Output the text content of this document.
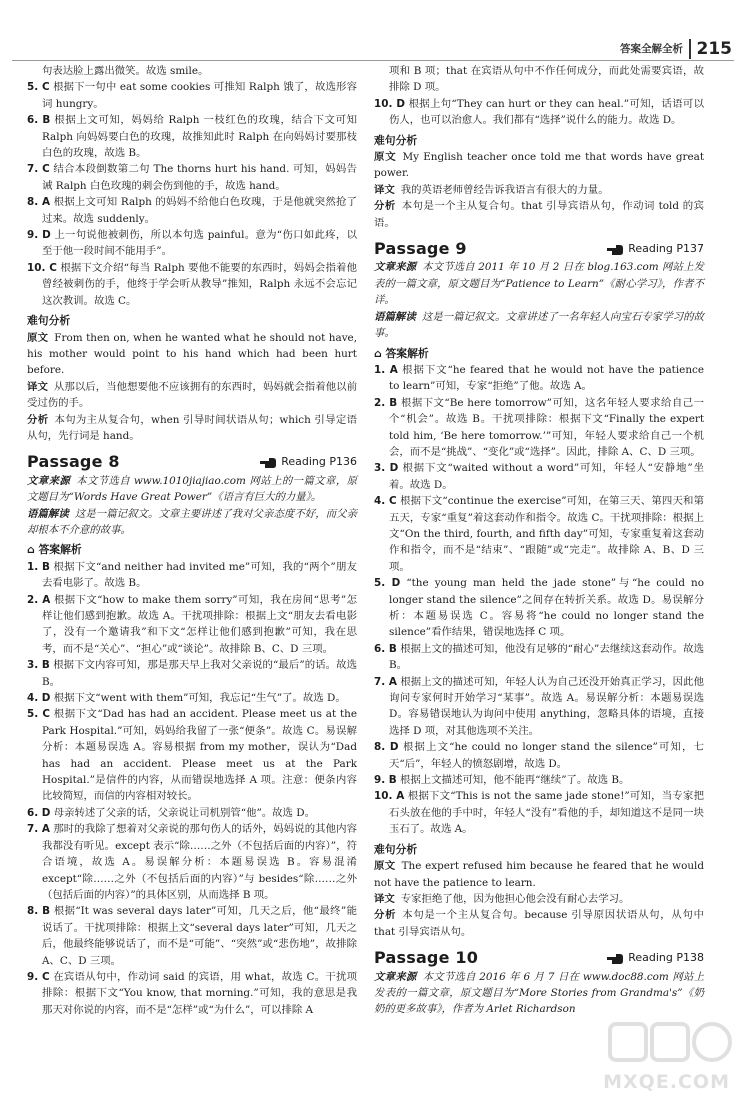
答案全解全析 215

句表达脸上露出微笑。故选 smile。

5. C 根据下一句中 eat some cookies 可推知 Ralph 饿了，故选形容词 hungry。

6. B 根据上文可知，妈妈给 Ralph 一枝红色的玫瑰，结合下文可知 Ralph 向妈妈要白色的玫瑰，故推知此时 Ralph 在向妈妈讨要那枝白色的玫瑰，故选 B。

7. C 结合本段倒数第二句 The thorns hurt his hand. 可知，妈妈告诫 Ralph 白色玫瑰的刺会伤到他的手，故选 hand。

8. A 根据上文可知 Ralph 的妈妈不给他白色玫瑰，于是他就突然抢了过来。故选 suddenly。

9. D 上一句说他被刺伤，所以本句选 painful。意为“伤口如此疼，以至于他一段时间不能用手”。

10. C 根据下文介绍“每当 Ralph 要他不能要的东西时，妈妈会指着他曾经被刺伤的手，他终于学会听从教导”推知，Ralph 永远不会忘记这次教训。故选 C。

难句分析

原文 From then on, when he wanted what he should not have, his mother would point to his hand which had been hurt before.

译文 从那以后，当他想要他不应该拥有的东西时，妈妈就会指着他以前受过伤的手。

分析 本句为主从复合句，when 引导时间状语从句；which 引导定语从句，先行词是 hand。

Passage 8	Reading P136

文章来源 本文节选自 www.1010jiajiao.com 网站上的一篇文章，原文题目为“Words Have Great Power”《语言有巨大的力量》。

语篇解读 这是一篇记叙文。文章主要讲述了我对父亲态度不好，而父亲却根本不介意的故事。

⌂ 答案解析

1. B 根据下文“and neither had invited me”可知，我的“两个”朋友去看电影了。故选 B。

2. A 根据下文“how to make them sorry”可知，我在房间“思考”怎样让他们感到抱歉。故选 A。干扰项排除：根据上文“朋友去看电影了，没有一个邀请我”和下文“怎样让他们感到抱歉”可知，我在思考，而不是“关心”、“担心”或“谈论”。故排除 B、C、D 三项。

3. B 根据下文内容可知，那是那天早上我对父亲说的“最后”的话。故选 B。

4. D 根据下文“went with them”可知，我忘记“生气”了。故选 D。

5. C 根据下文“Dad has had an accident. Please meet us at the Park Hospital.”可知，妈妈给我留了一张“便条”。故选 C。易误解分析：本题易误选 A。容易根据 from my mother，误认为“Dad has had an accident. Please meet us at the Park Hospital.”是信件的内容，从而错误地选择 A 项。注意：便条内容比较简短，而信的内容相对较长。

6. D 母亲转述了父亲的话，父亲说让司机别管“他”。故选 D。

7. A 那时的我除了想着对父亲说的那句伤人的话外，妈妈说的其他内容我都没有听见。except 表示“除……之外（不包括后面的内容）”，符合语境，故选 A。易误解分析：本题易误选 B。容易混淆 except“除……之外（不包括后面的内容）”与 besides“除……之外（包括后面的内容）”的具体区别，从而选择 B 项。

8. B 根据“It was several days later”可知，几天之后，他“最终”能说话了。干扰项排除：根据上文“several days later”可知，几天之后，他最终能够说话了，而不是“可能”、“突然”或“悲伤地”，故排除 A、C、D 三项。

9. C 在宾语从句中，作动词 said 的宾语，用 what，故选 C。干扰项排除：根据下文“You know, that morning.”可知，我的意思是我那天对你说的内容，而不是“怎样”或“为什么”，可以排除 A

项和 B 项；that 在宾语从句中不作任何成分，而此处需要宾语，故排除 D 项。

10. D 根据上句“They can hurt or they can heal.”可知，话语可以伤人，也可以治愈人。我们都有“选择”说什么的能力。故选 D。

难句分析

原文 My English teacher once told me that words have great power.

译文 我的英语老师曾经告诉我语言有很大的力量。

分析 本句是一个主从复合句。that 引导宾语从句，作动词 told 的宾语。

Passage 9	Reading P137

文章来源 本文节选自 2011 年 10 月 2 日在 blog.163.com 网站上发表的一篇文章，原文题目为“Patience to Learn”《耐心学习》，作者不详。

语篇解读 这是一篇记叙文。文章讲述了一名年轻人向宝石专家学习的故事。

⌂ 答案解析

1. A 根据下文“he feared that he would not have the patience to learn”可知，专家“拒绝”了他。故选 A。

2. B 根据下文“Be here tomorrow”可知，这名年轻人要求给自己一个“机会”。故选 B。干扰项排除：根据下文“Finally the expert told him, ‘Be here tomorrow.’”可知，年轻人要求给自己一个机会，而不是“挑战”、“变化”或“选择”。因此，排除 A、C、D 三项。

3. D 根据下文“waited without a word”可知，年轻人“安静地”坐着。故选 D。

4. C 根据下文“continue the exercise”可知，在第三天、第四天和第五天，专家“重复”着这套动作和指令。故选 C。干扰项排除：根据上文“On the third, fourth, and fifth day”可知，专家重复着这套动作和指令，而不是“结束”、“跟随”或“完走”。故排除 A、B、D 三项。

5. D “the young man held the jade stone”与“he could no longer stand the silence”之间存在转折关系。故选 D。易误解分析：本题易误选 C。容易将“he could no longer stand the silence”看作结果，错误地选择 C 项。

6. B 根据上文的描述可知，他没有足够的“耐心”去继续这套动作。故选 B。

7. A 根据上文的描述可知，年轻人认为自己还没开始真正学习，因此他询问专家何时开始学习“某事”。故选 A。易误解分析：本题易误选 D。容易错误地认为询问中使用 anything，忽略具体的语境，直接选择 D 项，对其他选项不关注。

8. D 根据上文“he could no longer stand the silence”可知，七天“后”，年轻人的愤怒剧增，故选 D。

9. B 根据上文描述可知，他不能再“继续”了。故选 B。

10. A 根据下文“This is not the same jade stone!”可知，当专家把石头放在他的手中时，年轻人“没有”看他的手，却知道这不是同一块玉石了。故选 A。

难句分析

原文 The expert refused him because he feared that he would not have the patience to learn.

译文 专家拒绝了他，因为他担心他会没有耐心去学习。

分析 本句是一个主从复合句。because 引导原因状语从句，从句中 that 引导宾语从句。

Passage 10	Reading P138

文章来源 本文节选自 2016 年 6 月 7 日在 www.doc88.com 网站上发表的一篇文章，原文题目为“More Stories from Grandma's”《奶奶的更多故事》，作者为 Arlet Richardson

MXQE.COM
